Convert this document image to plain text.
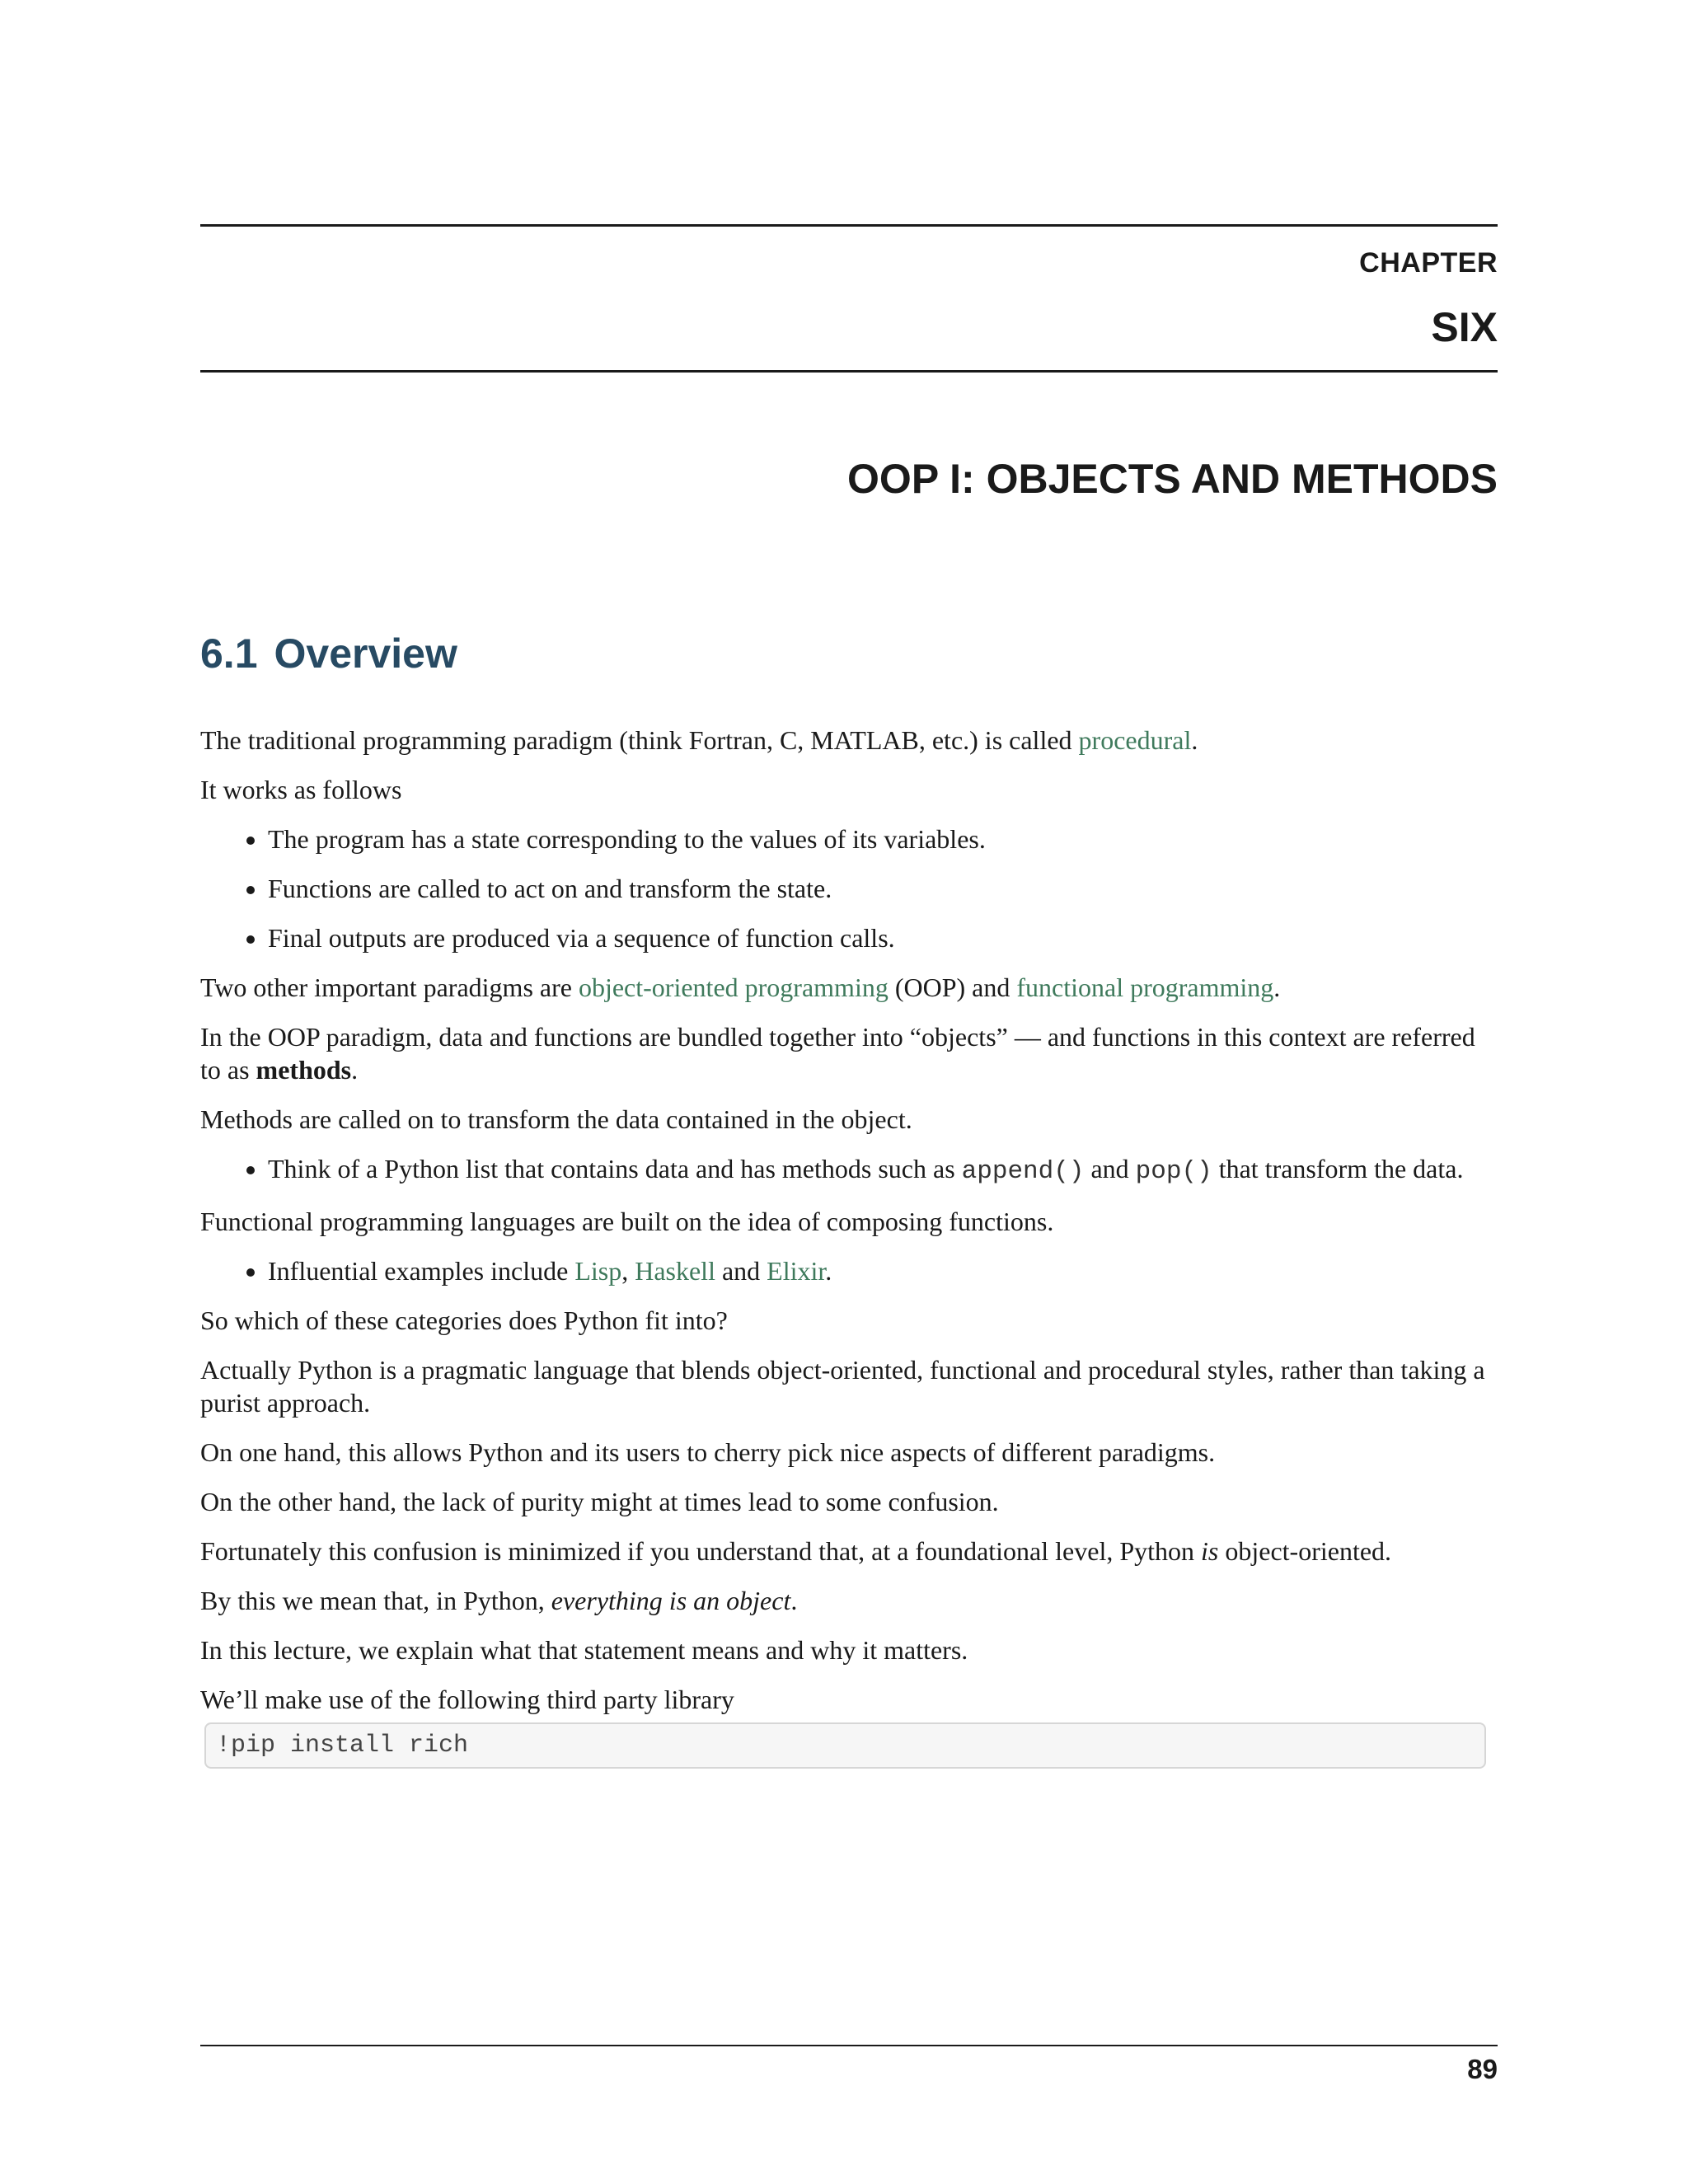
CHAPTER
SIX
OOP I: OBJECTS AND METHODS
6.1 Overview

The traditional programming paradigm (think Fortran, C, MATLAB, etc.) is called procedural.

It works as follows

• The program has a state corresponding to the values of its variables.
• Functions are called to act on and transform the state.
• Final outputs are produced via a sequence of function calls.

Two other important paradigms are object-oriented programming (OOP) and functional programming.

In the OOP paradigm, data and functions are bundled together into “objects” — and functions in this context are referred to as methods.

Methods are called on to transform the data contained in the object.

• Think of a Python list that contains data and has methods such as append() and pop() that transform the data.

Functional programming languages are built on the idea of composing functions.

• Influential examples include Lisp, Haskell and Elixir.

So which of these categories does Python fit into?

Actually Python is a pragmatic language that blends object-oriented, functional and procedural styles, rather than taking a purist approach.

On one hand, this allows Python and its users to cherry pick nice aspects of different paradigms.

On the other hand, the lack of purity might at times lead to some confusion.

Fortunately this confusion is minimized if you understand that, at a foundational level, Python is object-oriented.

By this we mean that, in Python, everything is an object.

In this lecture, we explain what that statement means and why it matters.

We’ll make use of the following third party library

!pip install rich
89
